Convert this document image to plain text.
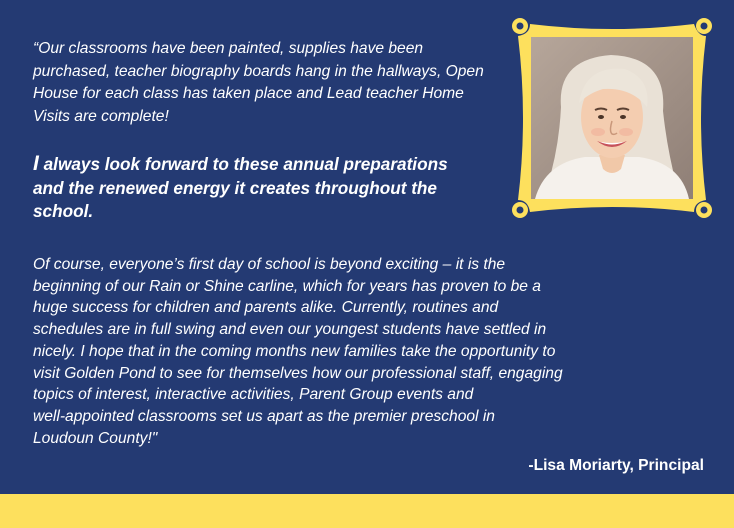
“Our classrooms have been painted, supplies have been purchased, teacher biography boards hang in the hallways, Open House for each class has taken place and Lead teacher Home Visits are complete!

I always look forward to these annual preparations and the renewed energy it creates throughout the school.

Of course, everyone’s first day of school is beyond exciting – it is the
beginning of our Rain or Shine carline, which for years has proven to be a
huge success for children and parents alike. Currently, routines and
schedules are in full swing and even our youngest students have settled in
nicely. I hope that in the coming months new families take the opportunity to
visit Golden Pond to see for themselves how our professional staff, engaging
topics of interest, interactive activities, Parent Group events and
well-appointed classrooms set us apart as the premier preschool in
Loudoun County!"

-Lisa Moriarty, Principal
